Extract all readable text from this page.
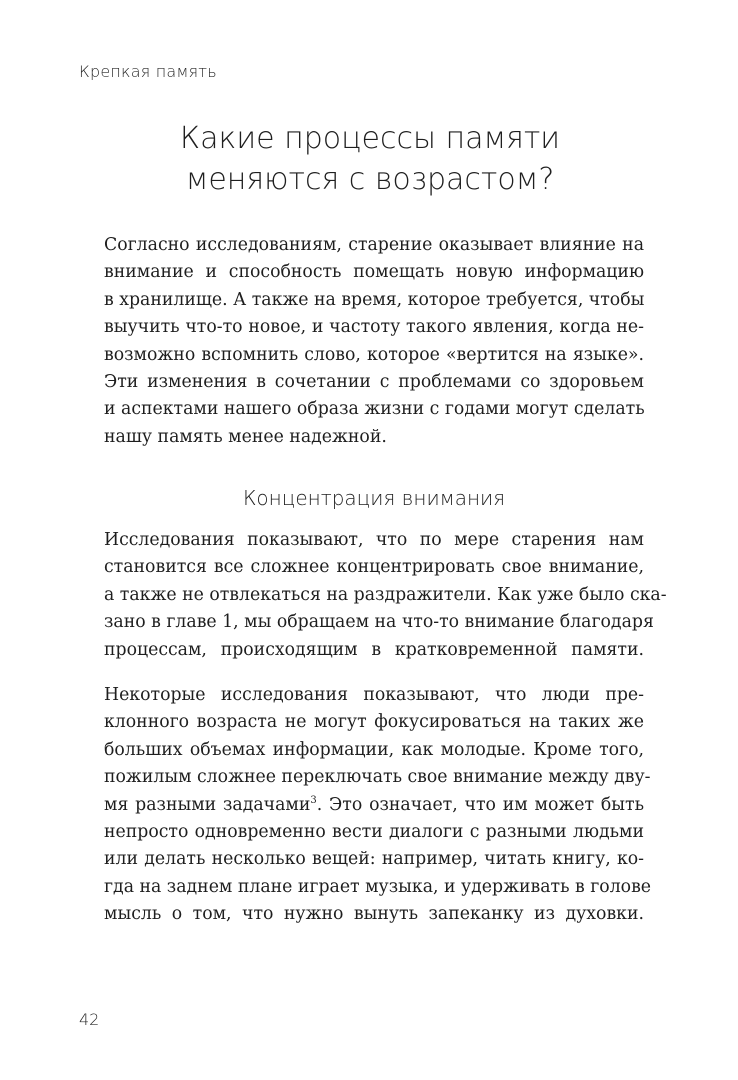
Крепкая память
Какие процессы памяти
меняются с возрастом?
Согласно исследованиям, старение оказывает влияние на
внимание и способность помещать новую информацию
в хранилище. А также на время, которое требуется, чтобы
выучить что-то новое, и частоту такого явления, когда не-
возможно вспомнить слово, которое «вертится на языке».
Эти изменения в сочетании с проблемами со здоровьем
и аспектами нашего образа жизни с годами могут сделать
нашу память менее надежной.
Концентрация внимания
Исследования показывают, что по мере старения нам
становится все сложнее концентрировать свое внимание,
а также не отвлекаться на раздражители. Как уже было ска-
зано в главе 1, мы обращаем на что-то внимание благодаря
процессам, происходящим в кратковременной памяти.
Некоторые исследования показывают, что люди пре-
клонного возраста не могут фокусироваться на таких же
больших объемах информации, как молодые. Кроме того,
пожилым сложнее переключать свое внимание между дву-
мя разными задачами$^3$. Это означает, что им может быть
непросто одновременно вести диалоги с разными людьми
или делать несколько вещей: например, читать книгу, ко-
гда на заднем плане играет музыка, и удерживать в голове
мысль о том, что нужно вынуть запеканку из духовки.
42
